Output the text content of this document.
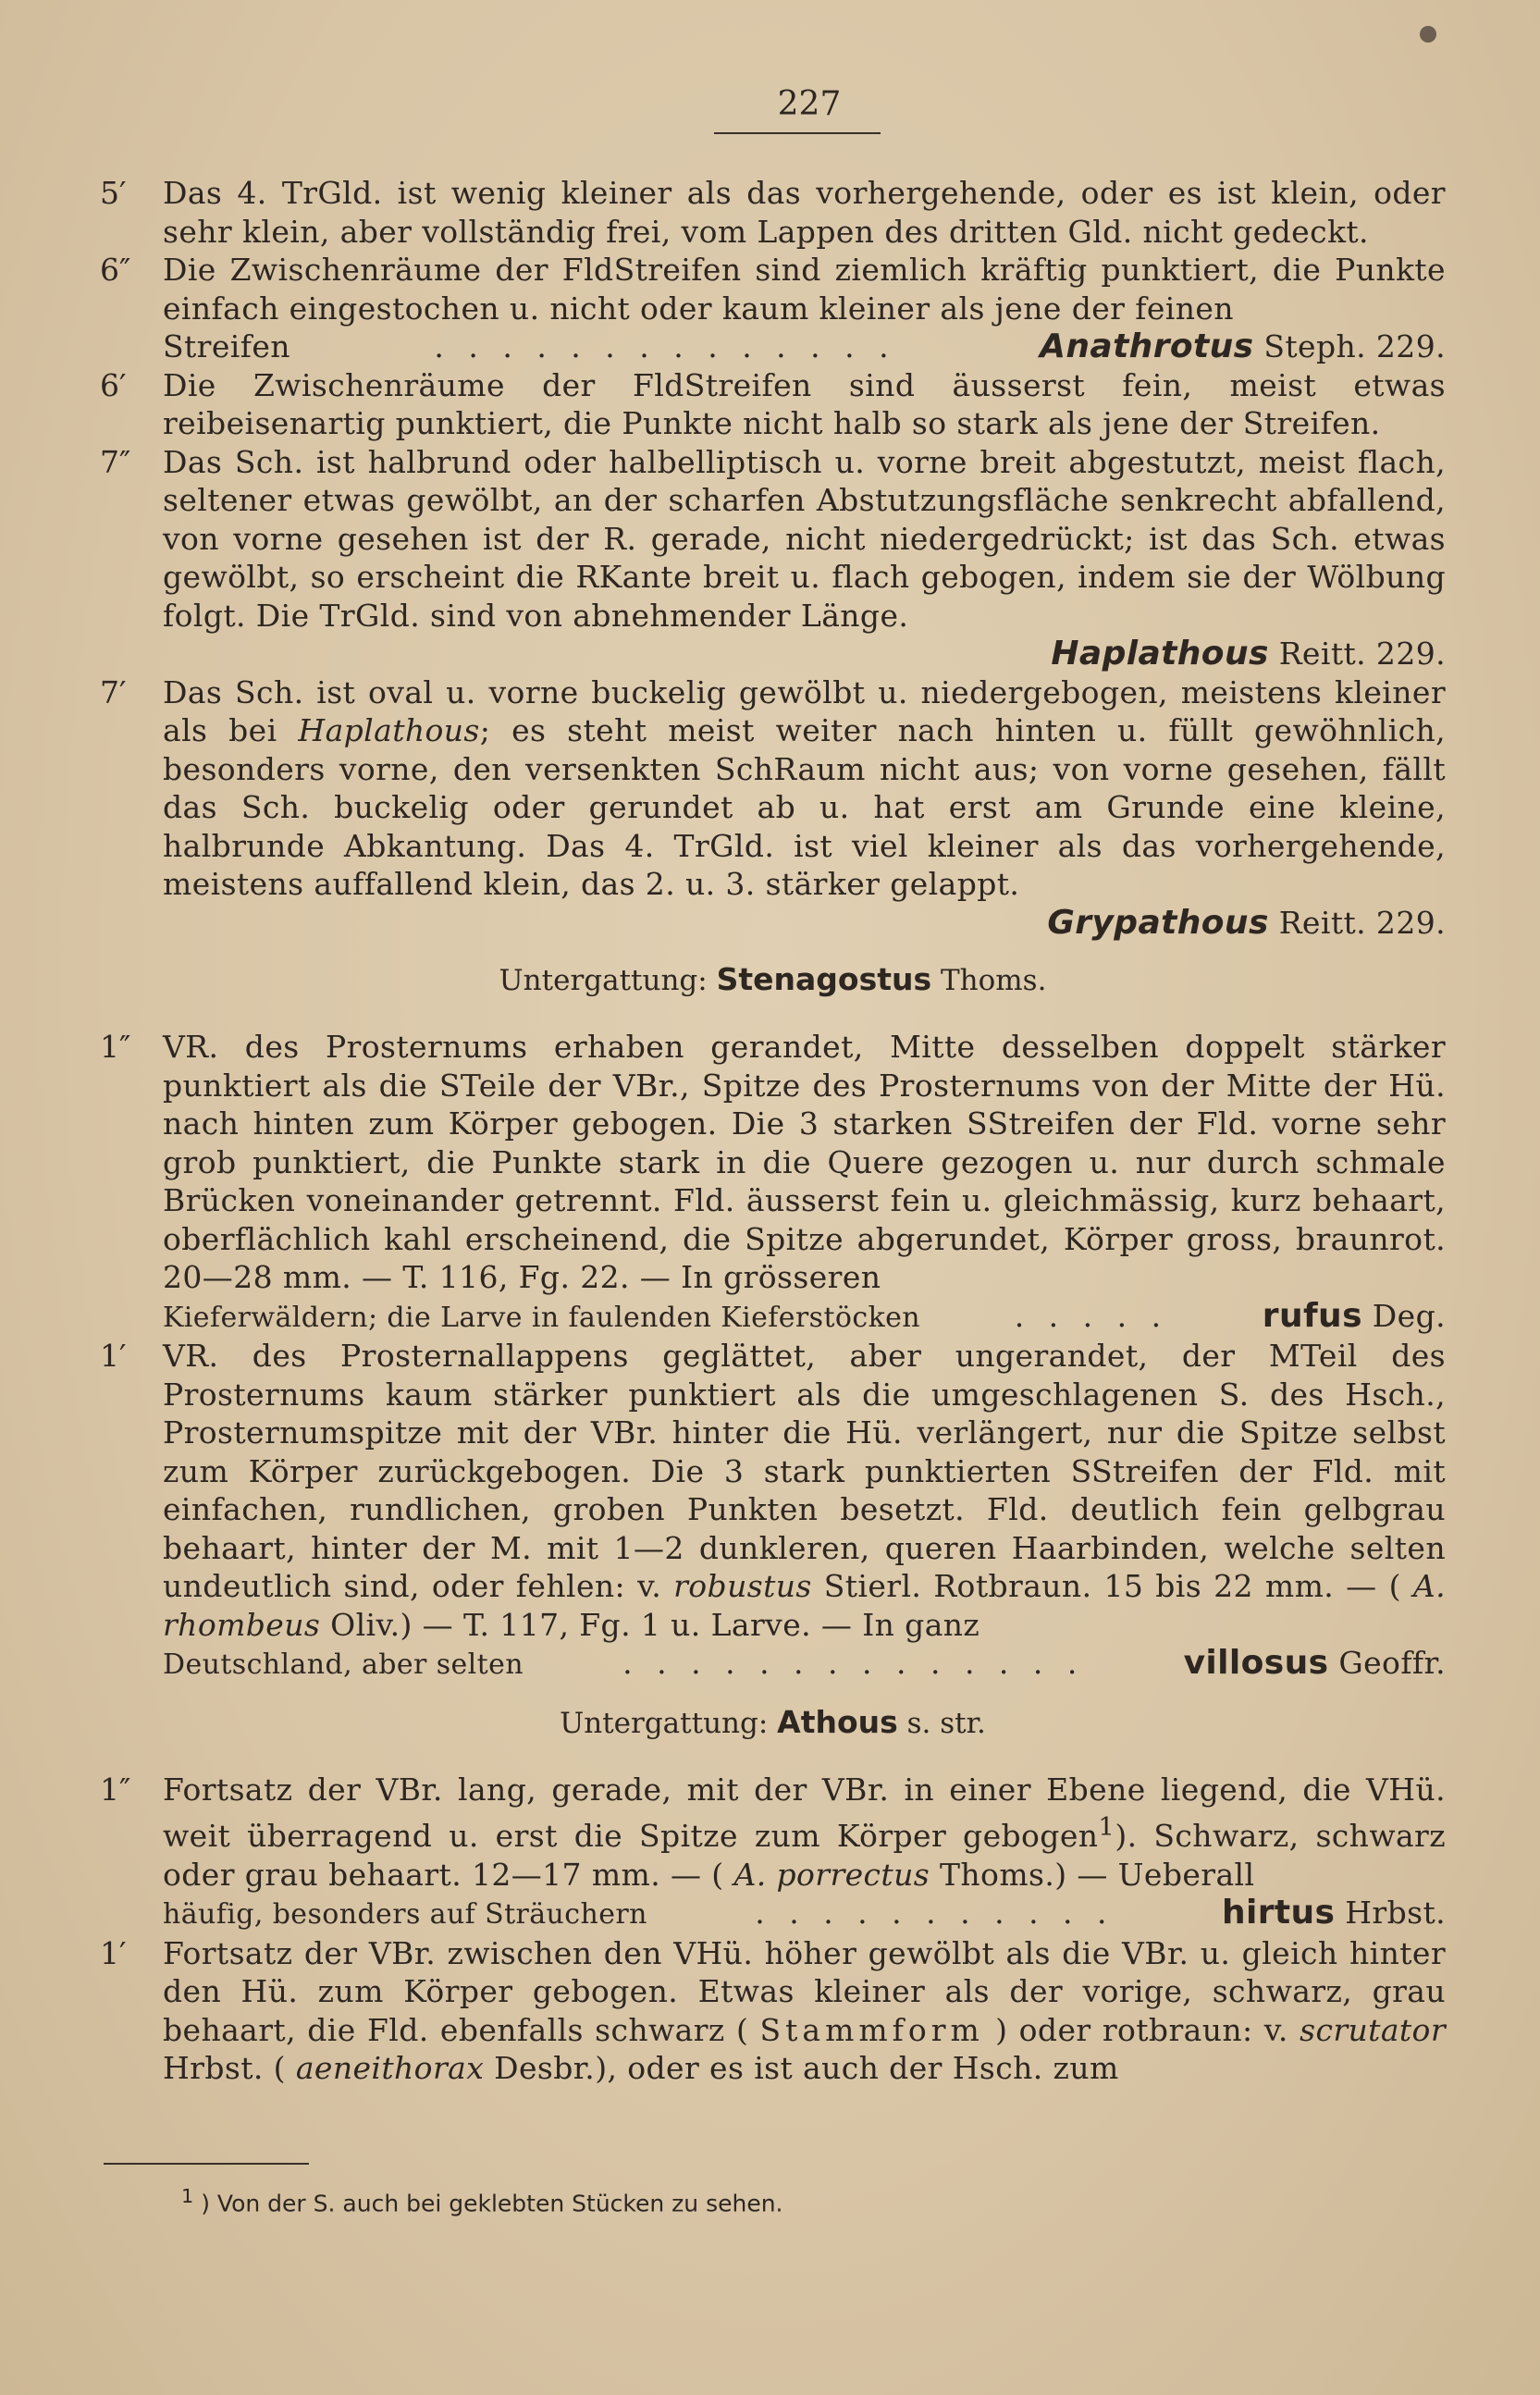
227
5′ Das 4. TrGld. ist wenig kleiner als das vorhergehende, oder es ist klein, oder sehr klein, aber vollständig frei, vom Lappen des dritten Gld. nicht gedeckt.
6″ Die Zwischenräume der FldStreifen sind ziemlich kräftig punktiert, die Punkte einfach eingestochen u. nicht oder kaum kleiner als jene der feinen
Streifen	. . . . . . . . . . . . . .	Anathrotus Steph. 229.
6′ Die Zwischenräume der FldStreifen sind äusserst fein, meist etwas reibeisenartig punktiert, die Punkte nicht halb so stark als jene der Streifen.
7″ Das Sch. ist halbrund oder halbelliptisch u. vorne breit abgestutzt, meist flach, seltener etwas gewölbt, an der scharfen Abstutzungsfläche senkrecht abfallend, von vorne gesehen ist der R. gerade, nicht niedergedrückt; ist das Sch. etwas gewölbt, so erscheint die RKante breit u. flach gebogen, indem sie der Wölbung folgt. Die TrGld. sind von abnehmender Länge.
Haplathous Reitt. 229.
7′ Das Sch. ist oval u. vorne buckelig gewölbt u. niedergebogen, meistens kleiner als bei Haplathous; es steht meist weiter nach hinten u. füllt gewöhnlich, besonders vorne, den versenkten SchRaum nicht aus; von vorne gesehen, fällt das Sch. buckelig oder gerundet ab u. hat erst am Grunde eine kleine, halbrunde Abkantung. Das 4. TrGld. ist viel kleiner als das vorhergehende, meistens auffallend klein, das 2. u. 3. stärker gelappt.
Grypathous Reitt. 229.
Untergattung: Stenagostus Thoms.
1″ VR. des Prosternums erhaben gerandet, Mitte desselben doppelt stärker punktiert als die STeile der VBr., Spitze des Prosternums von der Mitte der Hü. nach hinten zum Körper gebogen. Die 3 starken SStreifen der Fld. vorne sehr grob punktiert, die Punkte stark in die Quere gezogen u. nur durch schmale Brücken voneinander getrennt. Fld. äusserst fein u. gleichmässig, kurz behaart, oberflächlich kahl erscheinend, die Spitze abgerundet, Körper gross, braunrot. 20—28 mm. — T. 116, Fg. 22. — In grösseren
Kieferwäldern; die Larve in faulenden Kieferstöcken	. . . . .	rufus Deg.
1′ VR. des Prosternallappens geglättet, aber ungerandet, der MTeil des Prosternums kaum stärker punktiert als die umgeschlagenen S. des Hsch., Prosternumspitze mit der VBr. hinter die Hü. verlängert, nur die Spitze selbst zum Körper zurückgebogen. Die 3 stark punktierten SStreifen der Fld. mit einfachen, rundlichen, groben Punkten besetzt. Fld. deutlich fein gelbgrau behaart, hinter der M. mit 1—2 dunkleren, queren Haarbinden, welche selten undeutlich sind, oder fehlen: v. robustus Stierl. Rotbraun. 15 bis 22 mm. — ( A. rhombeus Oliv.) — T. 117, Fg. 1 u. Larve. — In ganz
Deutschland, aber selten	. . . . . . . . . . . . . .	villosus Geoffr.
Untergattung: Athous s. str.
1″ Fortsatz der VBr. lang, gerade, mit der VBr. in einer Ebene liegend, die VHü. weit überragend u. erst die Spitze zum Körper gebogen$^1$). Schwarz, schwarz oder grau behaart. 12—17 mm. — ( A. porrectus Thoms.) — Ueberall
häufig, besonders auf Sträuchern	. . . . . . . . . . .	hirtus Hrbst.
1′ Fortsatz der VBr. zwischen den VHü. höher gewölbt als die VBr. u. gleich hinter den Hü. zum Körper gebogen. Etwas kleiner als der vorige, schwarz, grau behaart, die Fld. ebenfalls schwarz ( Stammform ) oder rotbraun: v. scrutator Hrbst. ( aeneithorax Desbr.), oder es ist auch der Hsch. zum
$^1$ ) Von der S. auch bei geklebten Stücken zu sehen.
